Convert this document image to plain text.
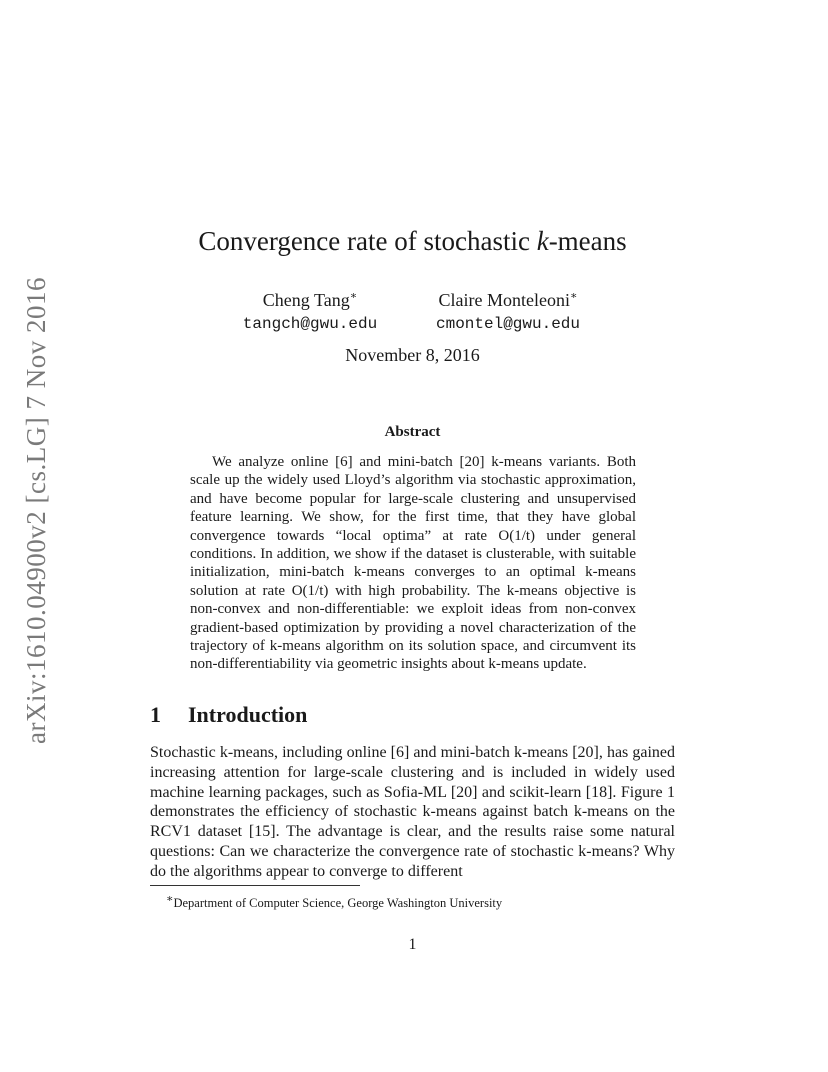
arXiv:1610.04900v2 [cs.LG] 7 Nov 2016
Convergence rate of stochastic k-means
Cheng Tang∗
tangch@gwu.edu
Claire Monteleoni∗
cmontel@gwu.edu
November 8, 2016
Abstract
We analyze online [6] and mini-batch [20] k-means variants. Both scale up the widely used Lloyd’s algorithm via stochastic approximation, and have become popular for large-scale clustering and unsupervised feature learning. We show, for the first time, that they have global convergence towards “local optima” at rate O(1/t) under general conditions. In addition, we show if the dataset is clusterable, with suitable initialization, mini-batch k-means converges to an optimal k-means solution at rate O(1/t) with high probability. The k-means objective is non-convex and non-differentiable: we exploit ideas from non-convex gradient-based optimization by providing a novel characterization of the trajectory of k-means algorithm on its solution space, and circumvent its non-differentiability via geometric insights about k-means update.
1 Introduction
Stochastic k-means, including online [6] and mini-batch k-means [20], has gained increasing attention for large-scale clustering and is included in widely used machine learning packages, such as Sofia-ML [20] and scikit-learn [18]. Figure 1 demonstrates the efficiency of stochastic k-means against batch k-means on the RCV1 dataset [15]. The advantage is clear, and the results raise some natural questions: Can we characterize the convergence rate of stochastic k-means? Why do the algorithms appear to converge to different
∗Department of Computer Science, George Washington University
1
